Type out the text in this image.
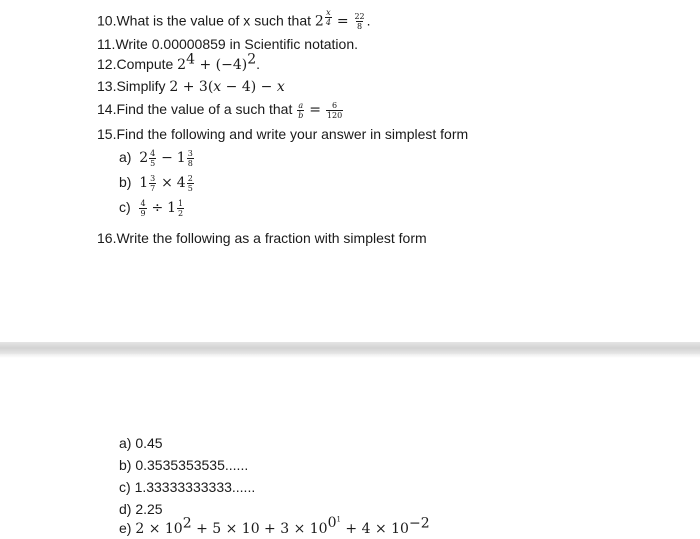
10.What is the value of x such that 2 $^{\frac{x}{4}} = \frac{22}{8}$ .
11.Write 0.00000859 in Scientific notation.
12.Compute $2^4 + (-4)^2$.
13.Simplify 2 + 3(x − 4) − x
14.Find the value of a such that $\frac{a}{b} = \frac{6}{120}$
15.Find the following and write your answer in simplest form
a) $2 \frac{4}{5} - 1 \frac{3}{8}$
b) $1 \frac{3}{7} \times 4 \frac{2}{5}$
$c) \frac{4}{9} \div 1 \frac{1}{2}$
16.Write the following as a fraction with simplest form
a) 0.45
b) 0.3535353535......
c) 1.33333333333......
d) 2.25
e) $2 \times 10^2 + 5 \times 10 + 3 \times 10^{0^1} + 4 \times 10^{-2}$
